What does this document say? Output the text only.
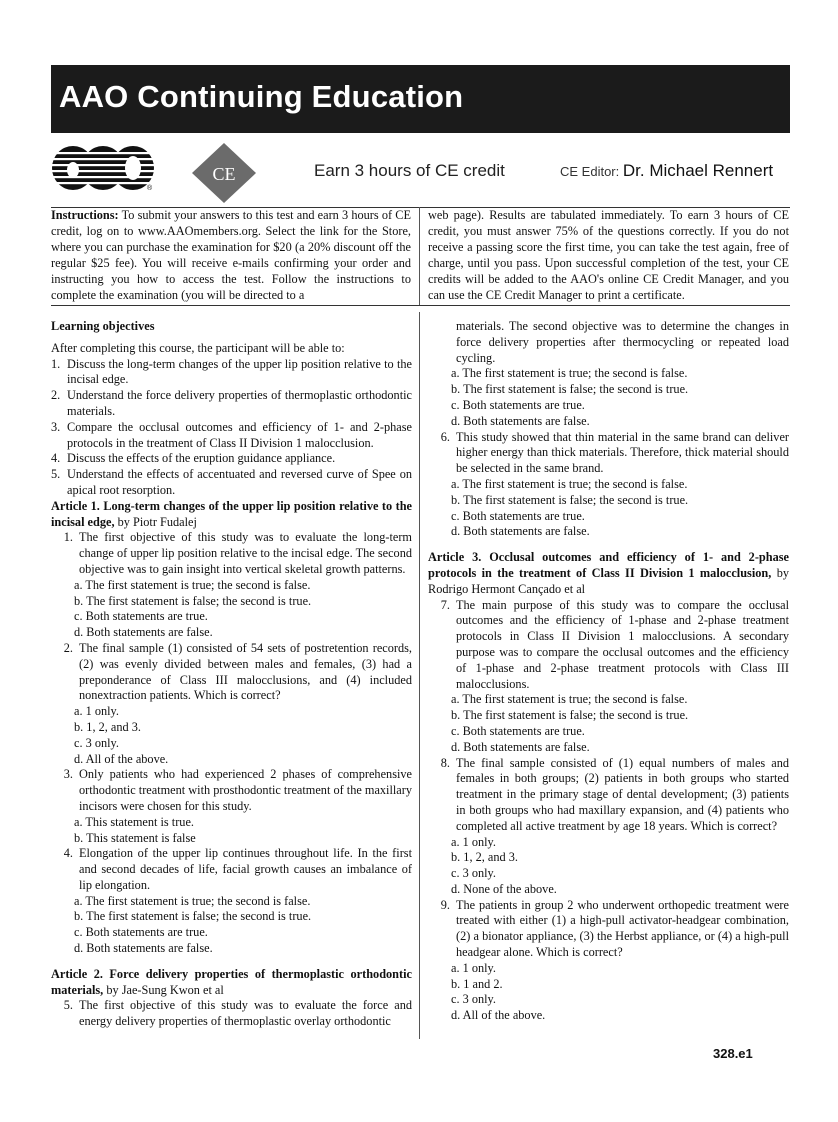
AAO Continuing Education
®
CE	Earn 3 hours of CE credit	CE Editor: Dr. Michael Rennert
Instructions: To submit your answers to this test and earn 3 hours of CE credit, log on to www.AAOmembers.org. Select the link for the Store, where you can purchase the examination for $20 (a 20% discount off the regular $25 fee). You will receive e-mails confirming your order and instructing you how to access the test. Follow the instructions to complete the examination (you will be directed to a
web page). Results are tabulated immediately. To earn 3 hours of CE credit, you must answer 75% of the questions correctly. If you do not receive a passing score the first time, you can take the test again, free of charge, until you pass. Upon successful completion of the test, your CE credits will be added to the AAO's online CE Credit Manager, and you can use the CE Credit Manager to print a certificate.

Learning objectives

After completing this course, the participant will be able to:

1. Discuss the long-term changes of the upper lip position relative to the incisal edge.
2. Understand the force delivery properties of thermoplastic orthodontic materials.
3. Compare the occlusal outcomes and efficiency of 1- and 2-phase protocols in the treatment of Class II Division 1 malocclusion.
4. Discuss the effects of the eruption guidance appliance.
5. Understand the effects of accentuated and reversed curve of Spee on apical root resorption.

Article 1. Long-term changes of the upper lip position relative to the incisal edge, by Piotr Fudalej

1. The first objective of this study was to evaluate the long-term change of upper lip position relative to the incisal edge. The second objective was to gain insight into vertical skeletal growth patterns.
a. The first statement is true; the second is false.
b. The first statement is false; the second is true.
c. Both statements are true.
d. Both statements are false.
2. The final sample (1) consisted of 54 sets of postretention records, (2) was evenly divided between males and females, (3) had a preponderance of Class III malocclusions, and (4) included nonextraction patients. Which is correct?
a. 1 only.
b. 1, 2, and 3.
c. 3 only.
d. All of the above.
3. Only patients who had experienced 2 phases of comprehensive orthodontic treatment with prosthodontic treatment of the maxillary incisors were chosen for this study.
a. This statement is true.
b. This statement is false
4. Elongation of the upper lip continues throughout life. In the first and second decades of life, facial growth causes an imbalance of lip elongation.
a. The first statement is true; the second is false.
b. The first statement is false; the second is true.
c. Both statements are true.
d. Both statements are false.

Article 2. Force delivery properties of thermoplastic orthodontic materials, by Jae-Sung Kwon et al

5. The first objective of this study was to evaluate the force and energy delivery properties of thermoplastic overlay orthodontic
materials. The second objective was to determine the changes in force delivery properties after thermocycling or repeated load cycling.
a. The first statement is true; the second is false.
b. The first statement is false; the second is true.
c. Both statements are true.
d. Both statements are false.
6. This study showed that thin material in the same brand can deliver higher energy than thick materials. Therefore, thick material should be selected in the same brand.
a. The first statement is true; the second is false.
b. The first statement is false; the second is true.
c. Both statements are true.
d. Both statements are false.

Article 3. Occlusal outcomes and efficiency of 1- and 2-phase protocols in the treatment of Class II Division 1 malocclusion, by Rodrigo Hermont Cançado et al

7. The main purpose of this study was to compare the occlusal outcomes and the efficiency of 1-phase and 2-phase treatment protocols in Class II Division 1 malocclusions. A secondary purpose was to compare the occlusal outcomes and the efficiency of 1-phase and 2-phase treatment protocols with Class III malocclusions.
a. The first statement is true; the second is false.
b. The first statement is false; the second is true.
c. Both statements are true.
d. Both statements are false.
8. The final sample consisted of (1) equal numbers of males and females in both groups; (2) patients in both groups who started treatment in the primary stage of dental development; (3) patients in both groups who had maxillary expansion, and (4) patients who completed all active treatment by age 18 years. Which is correct?
a. 1 only.
b. 1, 2, and 3.
c. 3 only.
d. None of the above.
9. The patients in group 2 who underwent orthopedic treatment were treated with either (1) a high-pull activator-headgear combination, (2) a bionator appliance, (3) the Herbst appliance, or (4) a high-pull headgear alone. Which is correct?
a. 1 only.
b. 1 and 2.
c. 3 only.
d. All of the above.
328.e1
